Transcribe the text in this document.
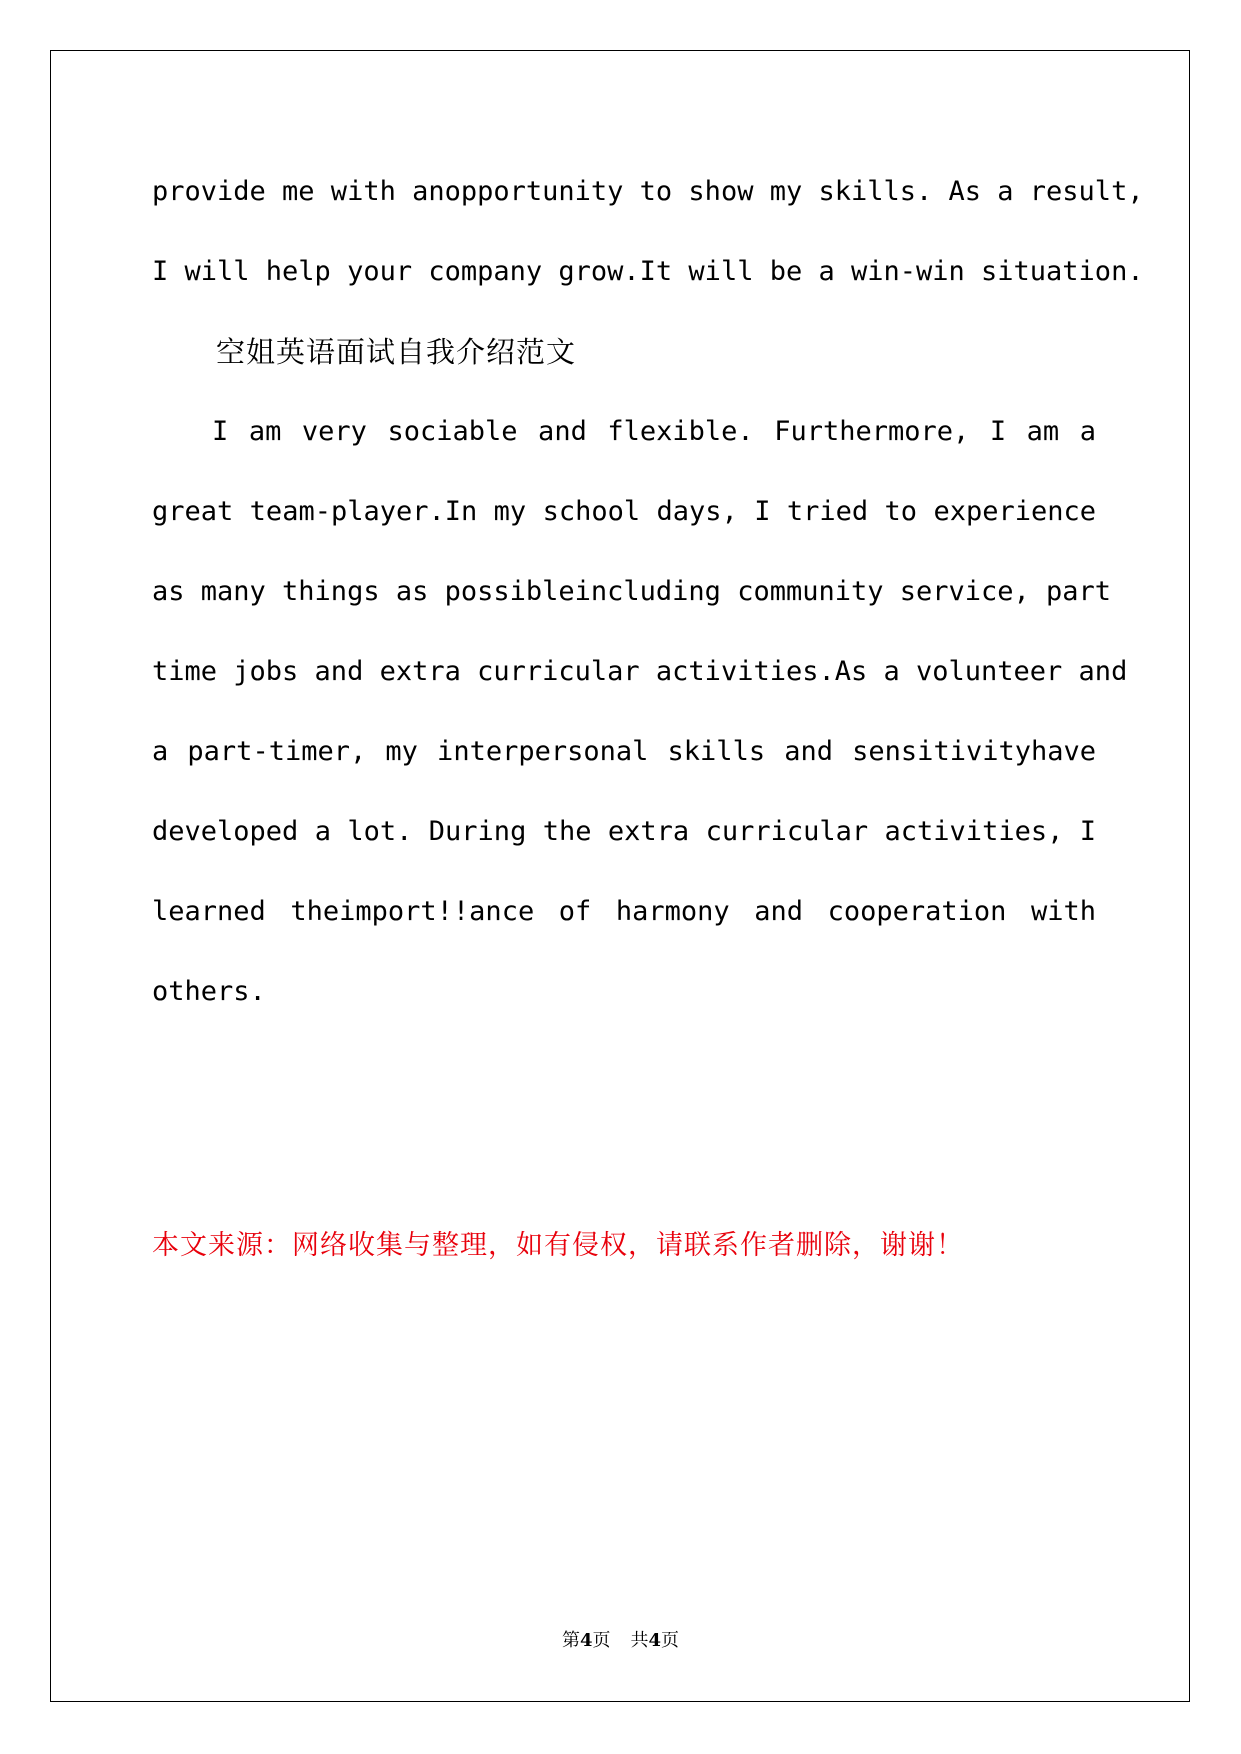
provide me with anopportunity to show my skills. As a result,
I will help your company grow.It will be a win-win situation.
空姐英语面试自我介绍范文
I am very sociable and flexible. Furthermore, I am a
great team-player.In my school days, I tried to experience
as many things as possibleincluding community service, part
time jobs and extra curricular activities.As a volunteer and
a part-timer, my interpersonal skills and sensitivityhave
developed a lot. During the extra curricular activities, I
learned theimport!!ance of harmony and cooperation with
others.
本文来源：网络收集与整理，如有侵权，请联系作者删除，谢谢！
第4页 共4页
